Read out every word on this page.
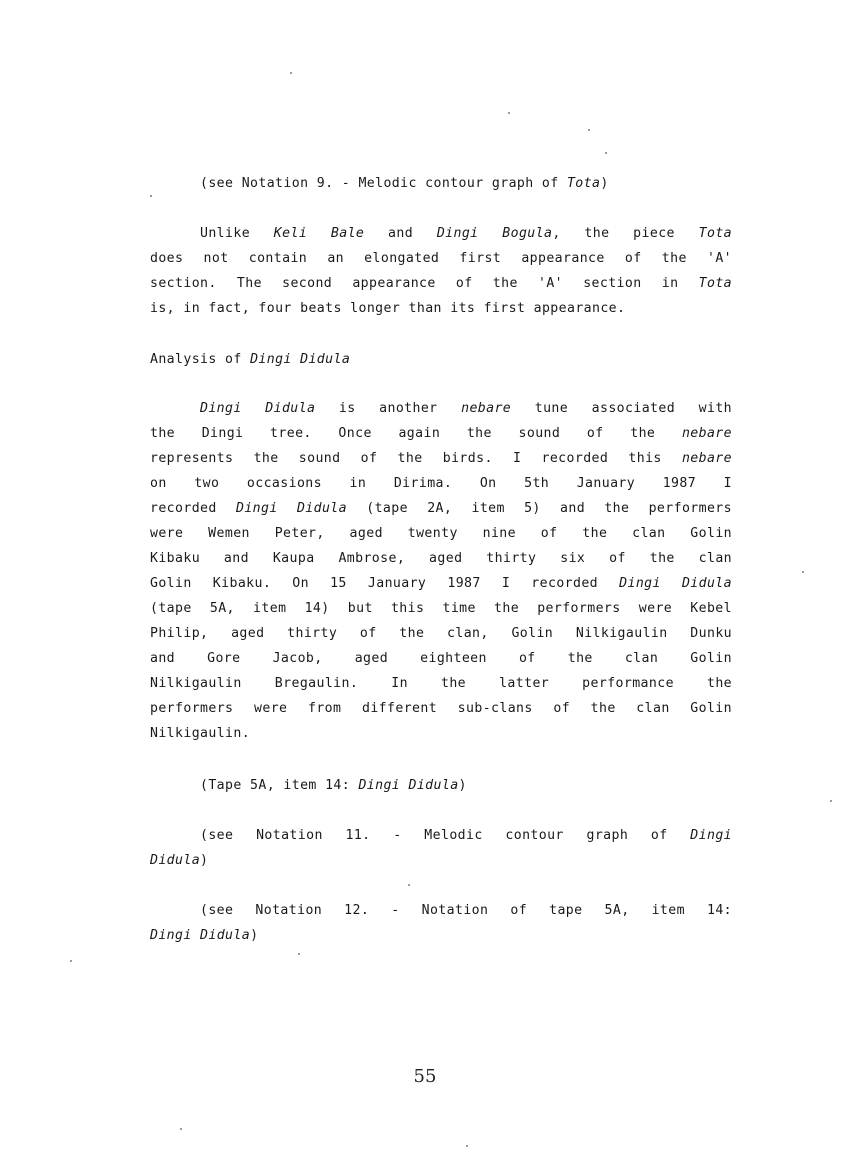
(see Notation 9. - Melodic contour graph of Tota)

Unlike Keli Bale and Dingi Bogula, the piece Tota
does not contain an elongated first appearance of the 'A'
section. The second appearance of the 'A' section in Tota
is, in fact, four beats longer than its first appearance.

Analysis of Dingi Didula

Dingi Didula is another nebare tune associated with
the Dingi tree. Once again the sound of the nebare
represents the sound of the birds. I recorded this nebare
on two occasions in Dirima. On 5th January 1987 I
recorded Dingi Didula (tape 2A, item 5) and the performers
were Wemen Peter, aged twenty nine of the clan Golin
Kibaku and Kaupa Ambrose, aged thirty six of the clan
Golin Kibaku. On 15 January 1987 I recorded Dingi Didula
(tape 5A, item 14) but this time the performers were Kebel
Philip, aged thirty of the clan, Golin Nilkigaulin Dunku
and Gore Jacob, aged eighteen of the clan Golin
Nilkigaulin Bregaulin. In the latter performance the
performers were from different sub-clans of the clan Golin
Nilkigaulin.

(Tape 5A, item 14: Dingi Didula)

(see Notation 11. - Melodic contour graph of Dingi
Didula)

(see Notation 12. - Notation of tape 5A, item 14:
Dingi Didula)

55
